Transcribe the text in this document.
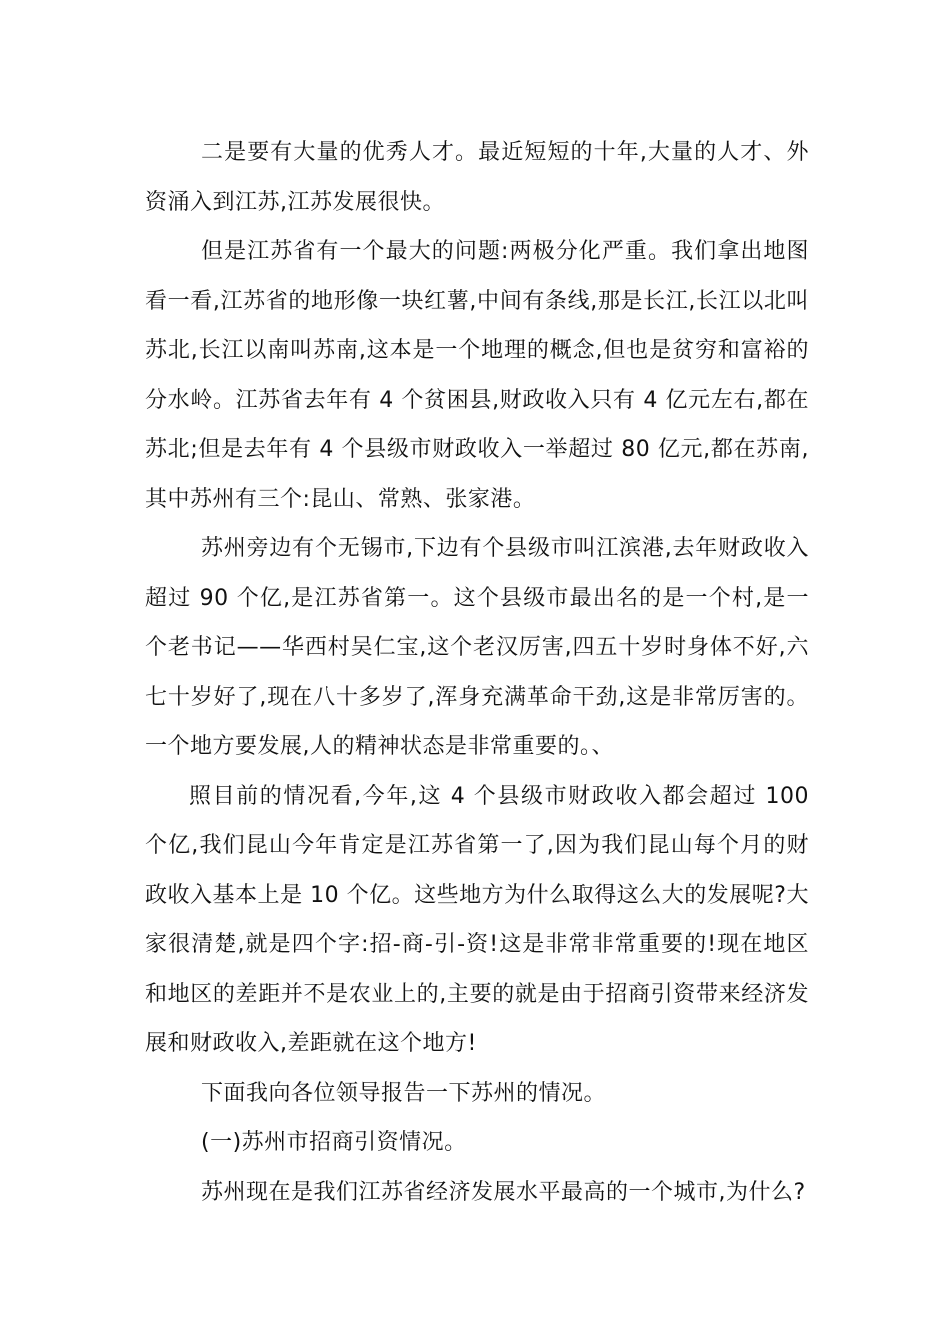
二是要有大量的优秀人才。最近短短的十年,大量的人才、外资涌入到江苏,江苏发展很快。

但是江苏省有一个最大的问题:两极分化严重。我们拿出地图看一看,江苏省的地形像一块红薯,中间有条线,那是长江,长江以北叫苏北,长江以南叫苏南,这本是一个地理的概念,但也是贫穷和富裕的分水岭。江苏省去年有 4 个贫困县,财政收入只有 4 亿元左右,都在苏北;但是去年有 4 个县级市财政收入一举超过 80 亿元,都在苏南,其中苏州有三个:昆山、常熟、张家港。

苏州旁边有个无锡市,下边有个县级市叫江滨港,去年财政收入超过 90 个亿,是江苏省第一。这个县级市最出名的是一个村,是一个老书记——华西村吴仁宝,这个老汉厉害,四五十岁时身体不好,六七十岁好了,现在八十多岁了,浑身充满革命干劲,这是非常厉害的。一个地方要发展,人的精神状态是非常重要的。、

照目前的情况看,今年,这 4 个县级市财政收入都会超过 100 个亿,我们昆山今年肯定是江苏省第一了,因为我们昆山每个月的财政收入基本上是 10 个亿。这些地方为什么取得这么大的发展呢?大家很清楚,就是四个字:招-商-引-资!这是非常非常重要的!现在地区和地区的差距并不是农业上的,主要的就是由于招商引资带来经济发展和财政收入,差距就在这个地方!

下面我向各位领导报告一下苏州的情况。

(一)苏州市招商引资情况。

苏州现在是我们江苏省经济发展水平最高的一个城市,为什么?
